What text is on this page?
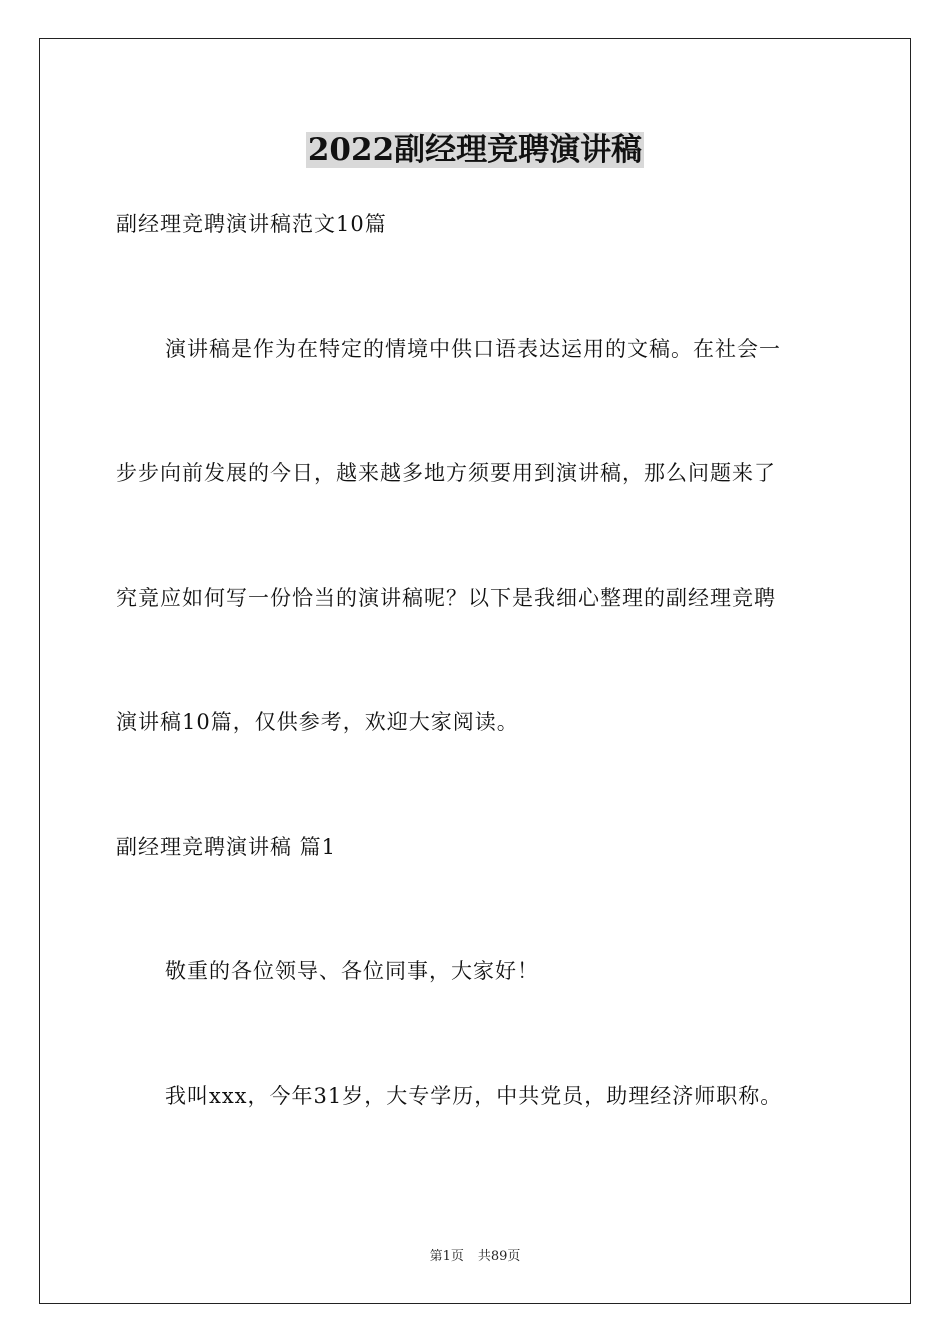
2022副经理竞聘演讲稿
副经理竞聘演讲稿范文10篇
演讲稿是作为在特定的情境中供口语表达运用的文稿。在社会一
步步向前发展的今日，越来越多地方须要用到演讲稿，那么问题来了
究竟应如何写一份恰当的演讲稿呢？以下是我细心整理的副经理竞聘
演讲稿10篇，仅供参考，欢迎大家阅读。
副经理竞聘演讲稿 篇1
敬重的各位领导、各位同事，大家好！
我叫xxx，今年31岁，大专学历，中共党员，助理经济师职称。
第1页 共89页
